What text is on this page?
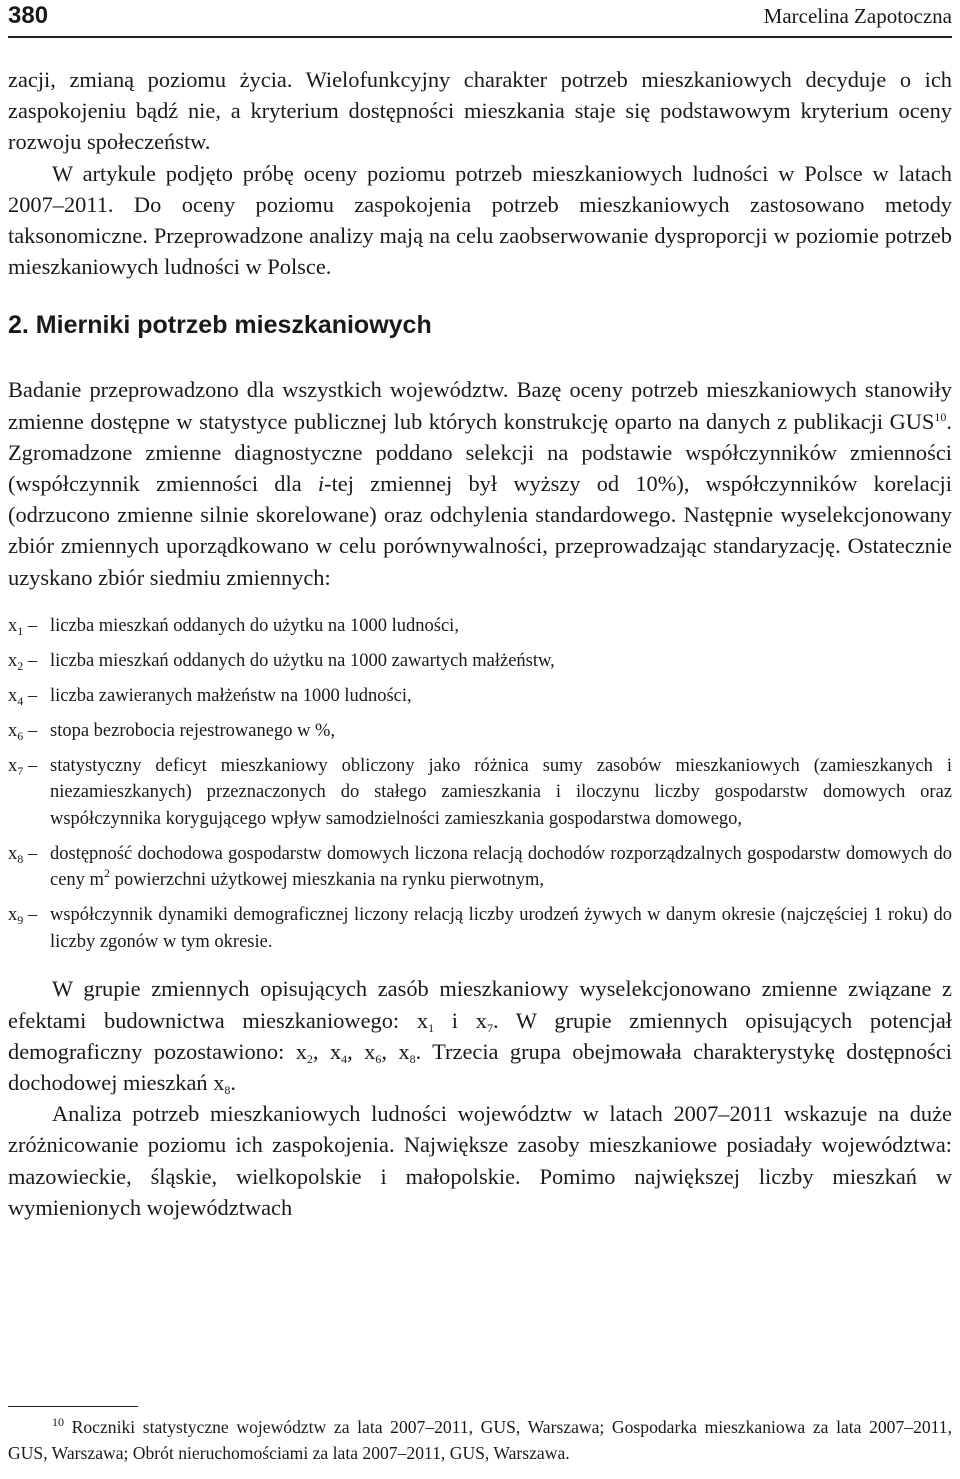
380	Marcelina Zapotoczna

zacji, zmianą poziomu życia. Wielofunkcyjny charakter potrzeb mieszkaniowych decyduje o ich zaspokojeniu bądź nie, a kryterium dostępności mieszkania staje się podstawowym kryterium oceny rozwoju społeczeństw.

W artykule podjęto próbę oceny poziomu potrzeb mieszkaniowych ludności w Polsce w latach 2007–2011. Do oceny poziomu zaspokojenia potrzeb mieszkaniowych zastosowano metody taksonomiczne. Przeprowadzone analizy mają na celu zaobserwowanie dysproporcji w poziomie potrzeb mieszkaniowych ludności w Polsce.

2. Mierniki potrzeb mieszkaniowych

Badanie przeprowadzono dla wszystkich województw. Bazę oceny potrzeb mieszkaniowych stanowiły zmienne dostępne w statystyce publicznej lub których konstrukcję oparto na danych z publikacji GUS$^{10}$. Zgromadzone zmienne diagnostyczne poddano selekcji na podstawie współczynników zmienności (współczynnik zmienności dla i-tej zmiennej był wyższy od 10%), współczynników korelacji (odrzucono zmienne silnie skorelowane) oraz odchylenia standardowego. Następnie wyselekcjonowany zbiór zmiennych uporządkowano w celu porównywalności, przeprowadzając standaryzację. Ostatecznie uzyskano zbiór siedmiu zmiennych:

$x_1$ – liczba mieszkań oddanych do użytku na 1000 ludności,
$x_2$ – liczba mieszkań oddanych do użytku na 1000 zawartych małżeństw,
$x_4$ – liczba zawieranych małżeństw na 1000 ludności,
$x_6$ – stopa bezrobocia rejestrowanego w %,
$x_7$ – statystyczny deficyt mieszkaniowy obliczony jako różnica sumy zasobów mieszkaniowych (zamieszkanych i niezamieszkanych) przeznaczonych do stałego zamieszkania i iloczynu liczby gospodarstw domowych oraz współczynnika korygującego wpływ samodzielności zamieszkania gospodarstwa domowego,
$x_8$ – dostępność dochodowa gospodarstw domowych liczona relacją dochodów rozporządzalnych gospodarstw domowych do ceny $m^2$ powierzchni użytkowej mieszkania na rynku pierwotnym,
$x_9$ – współczynnik dynamiki demograficznej liczony relacją liczby urodzeń żywych w danym okresie (najczęściej 1 roku) do liczby zgonów w tym okresie.

W grupie zmiennych opisujących zasób mieszkaniowy wyselekcjonowano zmienne związane z efektami budownictwa mieszkaniowego: $x_1$ i $x_7$. W grupie zmiennych opisujących potencjał demograficzny pozostawiono: $x_2$, $x_4$, $x_6$, $x_8$. Trzecia grupa obejmowała charakterystykę dostępności dochodowej mieszkań $x_8$.

Analiza potrzeb mieszkaniowych ludności województw w latach 2007–2011 wskazuje na duże zróżnicowanie poziomu ich zaspokojenia. Największe zasoby mieszkaniowe posiadały województwa: mazowieckie, śląskie, wielkopolskie i małopolskie. Pomimo największej liczby mieszkań w wymienionych województwach

$^{10}$ Roczniki statystyczne województw za lata 2007–2011, GUS, Warszawa; Gospodarka mieszkaniowa za lata 2007–2011, GUS, Warszawa; Obrót nieruchomościami za lata 2007–2011, GUS, Warszawa.
